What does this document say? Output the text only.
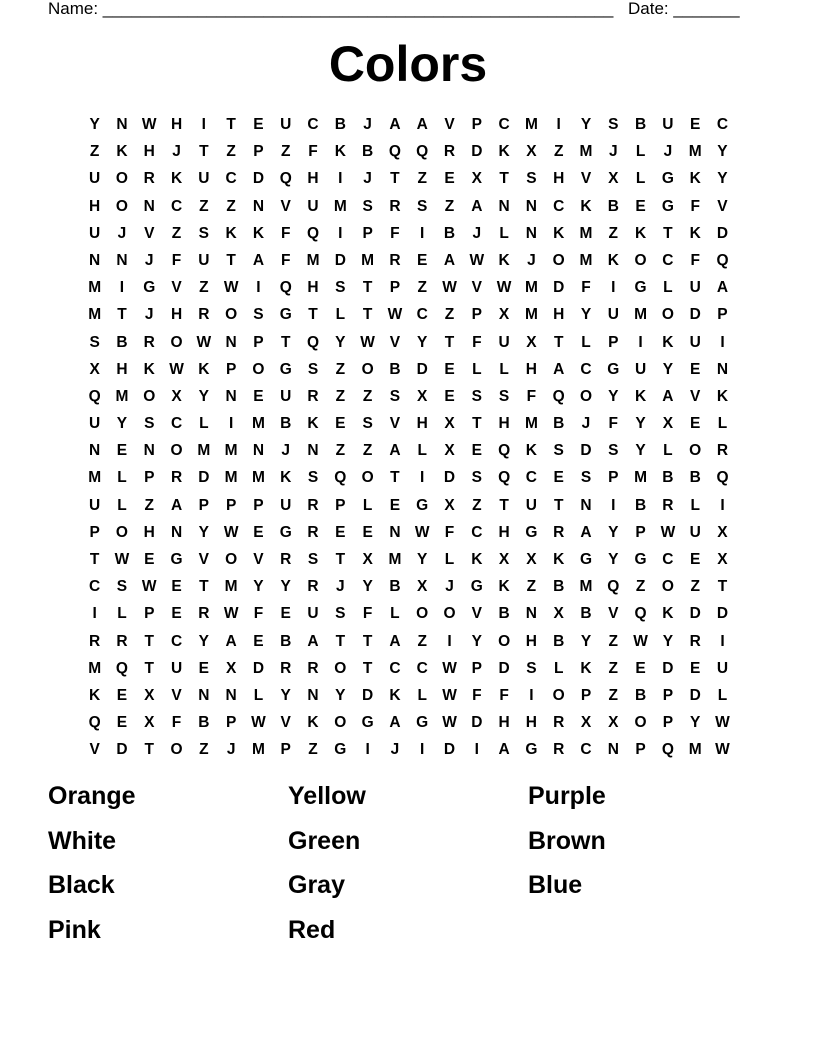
Name: ______________________________________________________ Date: _______
Colors
Y	N W H	I	T	E	U	C	B	J	A	A	V	P	C M	I	Y	S	B	U	E	C
Z	K	H	J	T	Z	P	Z	F	K	B	Q Q	R	D	K	X	Z	M	J	L	J	M	Y
U	O	R	K	U	C	D	Q	H	I	J	T	Z	E	X	T	S	H	V	X	L	G	K	Y
H	O	N	C	Z	Z	N	V	U M	S	R	S	Z	A	N	N	C	K	B	E	G	F	V
U	J	V	Z	S	K	K	F	Q	I	P	F	I	B	J	L	N	K M	Z	K	T	K	D
N	N	J	F	U	T	A	F	M D M R	E	A W K	J	O M K	O	C	F	Q
M	I	G	V	Z W	I	Q	H	S	T	P	Z W V W M D	F	I	G	L	U	A
M	T	J	H	R	O	S	G	T	L	T W C	Z	P	X	M H	Y	U M O	D	P
S	B	R	O W N	P	T	Q	Y W V	Y	T	F	U	X	T	L	P	I	K	U	I
X	H	K W K	P	O G	S	Z	O	B	D	E	L	L	H	A	C	G	U	Y	E	N
Q M O	X	Y	N	E	U	R	Z	Z	S	X	E	S	S	F	Q O	Y	K	A	V	K
U	Y	S	C	L	I	M B	K	E	S	V	H	X	T	H M B	J	F	Y	X	E	L
N	E	N	O M M N	J	N	Z	Z	A	L	X	E	Q	K	S	D	S	Y	L	O	R
M	L	P	R	D M M K	S	Q O	T	I	D	S	Q	C	E	S	P	M B	B	Q
U	L	Z	A	P	P	P	U	R	P	L	E	G	X	Z	T	U	T	N	I	B	R	L	I
P	O	H	N	Y W E	G	R	E	E	N W F	C	H	G	R	A	Y	P W U	X
T W E	G	V	O	V	R	S	T	X	M	Y	L	K	X	X	K	G	Y	G	C	E	X
C	S W E	T	M	Y	Y	R	J	Y	B	X	J	G	K	Z	B M Q	Z	O	Z	T
I	L	P	E	R W F	E	U	S	F	L	O O	V	B	N	X	B	V	Q	K	D	D
R	R	T	C	Y	A	E	B	A	T	T	A	Z	I	Y	O	H	B	Y	Z W Y	R	I
M Q	T	U	E	X	D	R	R	O	T	C	C W P	D	S	L	K	Z	E	D	E	U
K	E	X	V	N	N	L	Y	N	Y	D	K	L W F	F	I	O	P	Z	B	P	D	L
Q	E	X	F	B	P W V	K	O G	A	G W D	H	H	R	X	X	O	P	Y W
V	D	T	O	Z	J	M	P	Z	G	I	J	I	D	I	A	G	R	C	N	P	Q M W
Orange	Yellow	Purple
White	Green	Brown
Black	Gray	Blue
Pink	Red
